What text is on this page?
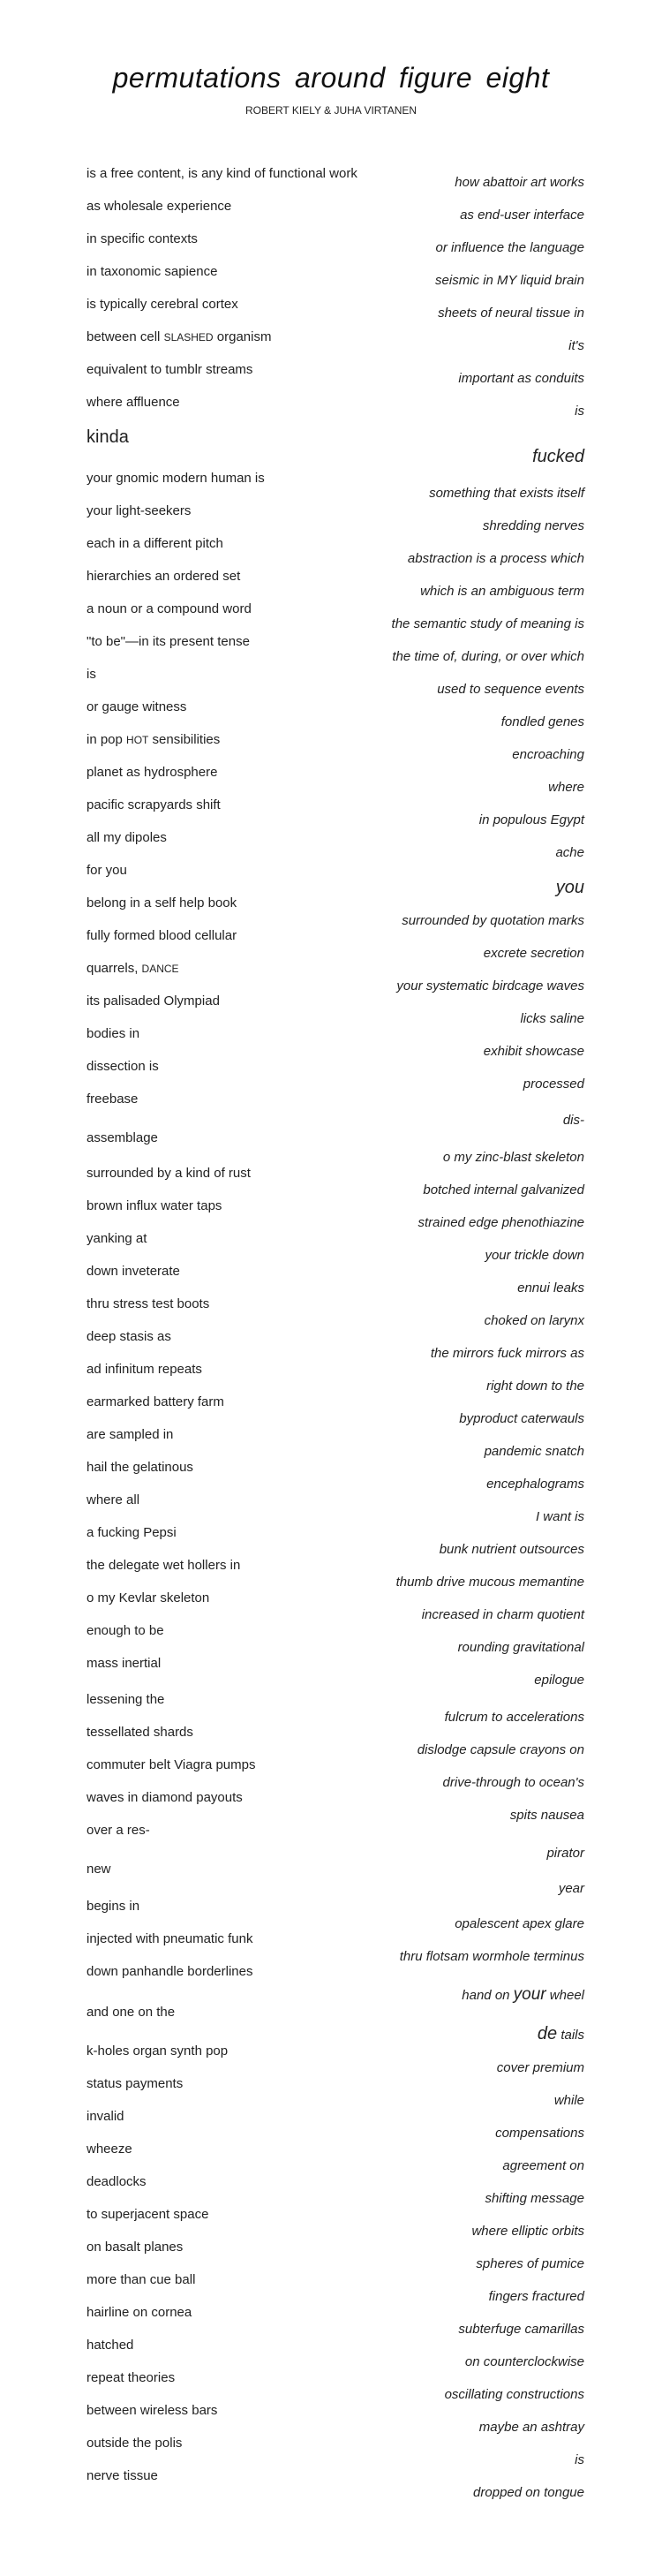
permutations around figure eight
ROBERT KIELY & JUHA VIRTANEN
is a free content, is any kind of functional work
as wholesale experience
in specific contexts
in taxonomic sapience
is typically cerebral cortex
between cell SLASHED organism
equivalent to tumblr streams
where affluence
kinda
your gnomic modern human is
your light-seekers
each in a different pitch
hierarchies an ordered set
a noun or a compound word
"to be"—in its present tense
is
or gauge witness
in pop HOT sensibilities
planet as hydrosphere
pacific scrapyards shift
all my dipoles
for you
belong in a self help book
fully formed blood cellular
quarrels, DANCE
its palisaded Olympiad
bodies in
dissection is
freebase
assemblage
surrounded by a kind of rust
brown influx water taps
yanking at
down inveterate
thru stress test boots
deep stasis as
ad infinitum repeats
earmarked battery farm
are sampled in
hail the gelatinous
where all
a fucking Pepsi
the delegate wet hollers in
o my Kevlar skeleton
enough to be
mass inertial
lessening the
tessellated shards
commuter belt Viagra pumps
waves in diamond payouts
over a res-
new
begins in
injected with pneumatic funk
down panhandle borderlines
and one on the
k-holes organ synth pop
status payments
invalid
wheeze
deadlocks
to superjacent space
on basalt planes
more than cue ball
hairline on cornea
hatched
repeat theories
between wireless bars
outside the polis
nerve tissue
how abattoir art works
as end-user interface
or influence the language
seismic in MY liquid brain
sheets of neural tissue in
it's
important as conduits
is
fucked
something that exists itself
shredding nerves
abstraction is a process which
which is an ambiguous term
the semantic study of meaning is
the time of, during, or over which
used to sequence events
fondled genes
encroaching
where
in populous Egypt
ache
you
surrounded by quotation marks
excrete secretion
your systematic birdcage waves
licks saline
exhibit showcase
processed
dis-
o my zinc-blast skeleton
botched internal galvanized
strained edge phenothiazine
your trickle down
ennui leaks
choked on larynx
the mirrors fuck mirrors as
right down to the
byproduct caterwauls
pandemic snatch
encephalograms
I want is
bunk nutrient outsources
thumb drive mucous memantine
increased in charm quotient
rounding gravitational
epilogue
fulcrum to accelerations
dislodge capsule crayons on
drive-through to ocean's
spits nausea
pirator
year
opalescent apex glare
thru flotsam wormhole terminus
hand on your wheel
de tails
cover premium
while
compensations
agreement on
shifting message
where elliptic orbits
spheres of pumice
fingers fractured
subterfuge camarillas
on counterclockwise
oscillating constructions
maybe an ashtray
is
dropped on tongue
